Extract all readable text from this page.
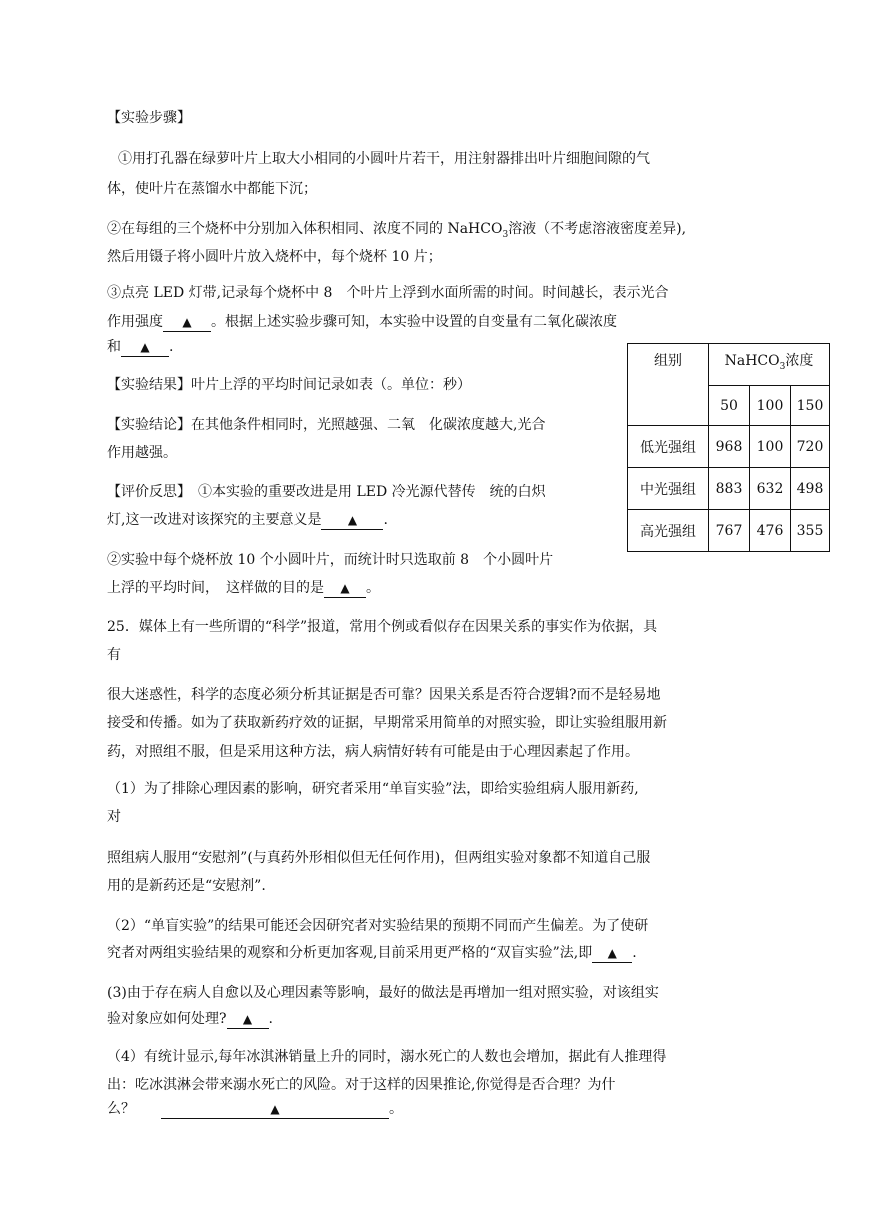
【实验步骤】
①用打孔器在绿萝叶片上取大小相同的小圆叶片若干，用注射器排出叶片细胞间隙的气
体，使叶片在蒸馏水中都能下沉；
②在每组的三个烧杯中分别加入体积相同、浓度不同的 NaHCO$_3$溶液（不考虑溶液密度差异),
然后用镊子将小圆叶片放入烧杯中，每个烧杯 10 片；
③点亮 LED 灯带,记录每个烧杯中 8　个叶片上浮到水面所需的时间。时间越长，表示光合
作用强度 ▲ 。根据上述实验步骤可知，本实验中设置的自变量有二氧化碳浓度
和 ▲ .
【实验结果】叶片上浮的平均时间记录如表（。单位：秒）
【实验结论】在其他条件相同时，光照越强、二氧　化碳浓度越大,光合
作用越强。
【评价反思】　①本实验的重要改进是用 LED 冷光源代替传　统的白炽
灯,这一改进对该探究的主要意义是 ▲ .
②实验中每个烧杯放 10 个小圆叶片，而统计时只选取前 8　个小圆叶片
上浮的平均时间，　这样做的目的是 ▲ 。
组别	NaHCO$_3$浓度		
	50	100	150
低光强组	968	100	720
中光强组	883	632	498
高光强组	767	476	355
25．媒体上有一些所谓的“科学”报道，常用个例或看似存在因果关系的事实作为依据，具
有
很大迷惑性，科学的态度必须分析其证据是否可靠？因果关系是否符合逻辑?而不是轻易地
接受和传播。如为了获取新药疗效的证据，早期常采用简单的对照实验，即让实验组服用新
药，对照组不服，但是采用这种方法，病人病情好转有可能是由于心理因素起了作用。
（1）为了排除心理因素的影响，研究者采用“单盲实验”法，即给实验组病人服用新药,
对
照组病人服用“安慰剂”(与真药外形相似但无任何作用)，但两组实验对象都不知道自己服
用的是新药还是“安慰剂”.
（2）“单盲实验”的结果可能还会因研究者对实验结果的预期不同而产生偏差。为了使研
究者对两组实验结果的观察和分析更加客观,目前采用更严格的“双盲实验”法,即 ▲ .
(3)由于存在病人自愈以及心理因素等影响，最好的做法是再增加一组对照实验，对该组实
验对象应如何处理? ▲ .
（4）有统计显示,每年冰淇淋销量上升的同时，溺水死亡的人数也会增加，据此有人推理得
出：吃冰淇淋会带来溺水死亡的风险。对于这样的因果推论,你觉得是否合理？为什
么？	▲	。
